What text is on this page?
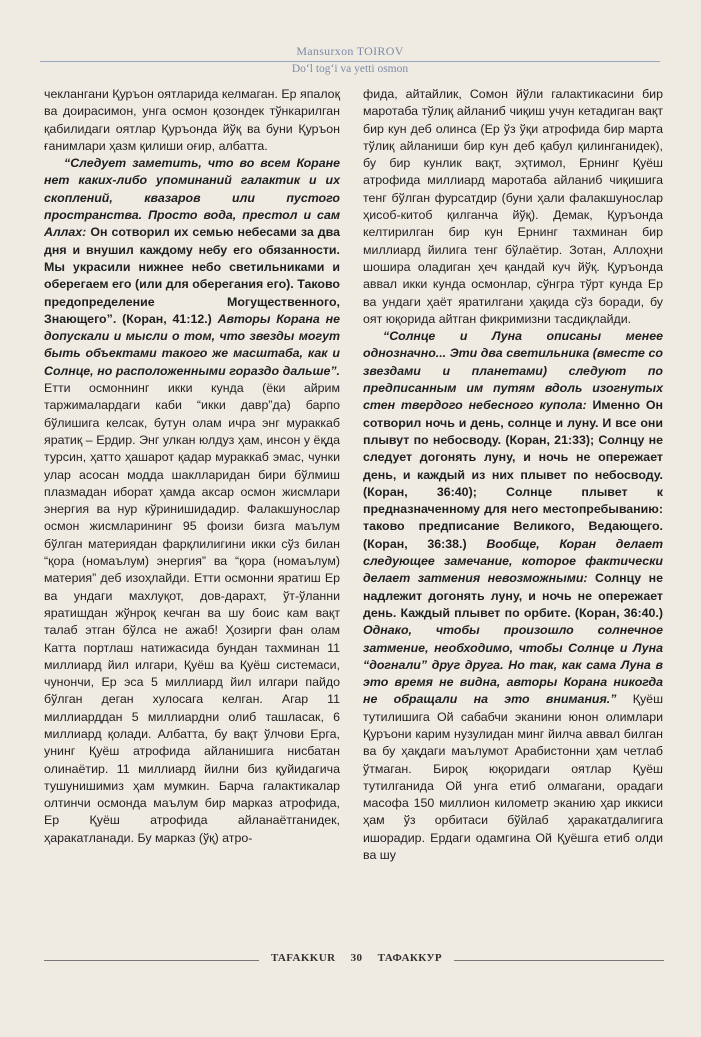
Mansurxon TOIROV
Do‘l tog‘i va yetti osmon

чеклангани Қуръон оятларида келмаган. Ер япалоқ ва доирасимон, унга осмон қозондек тўнкарилган қабилидаги оятлар Қуръонда йўқ ва буни Қуръон ғанимлари ҳазм қилиши оғир, албатта.

“Следует заметить, что во всем Коране нет каких-либо упоминаний галактик и их скоплений, квазаров или пустого пространства. Просто вода, престол и сам Аллах: Он сотворил их семью небесами за два дня и внушил каждому небу его обязанности. Мы украсили нижнее небо светильниками и оберегаем его (или для оберегания его). Таково предопределение Могущественного, Знающего”. (Коран, 41:12.) Авторы Корана не допускали и мысли о том, что звезды могут быть объектами такого же масштаба, как и Солнце, но расположенными гораздо дальше”. Етти осмоннинг икки кунда (ёки айрим таржималардаги каби “икки давр”да) барпо бўлишига келсак, бутун олам ичра энг мураккаб яратиқ – Ердир. Энг улкан юлдуз ҳам, инсон у ёқда турсин, ҳатто ҳашарот қадар мураккаб эмас, чунки улар асосан модда шаклларидан бири бўлмиш плазмадан иборат ҳамда аксар осмон жисмлари энергия ва нур кўринишидадир. Фалакшунослар осмон жисмларининг 95 фоизи бизга маълум бўлган материядан фарқлилигини икки сўз билан “қора (номаълум) энергия” ва “қора (номаълум) материя” деб изоҳлайди. Етти осмонни яратиш Ер ва ундаги махлуқот, дов-дарахт, ўт-ўланни яратишдан жўнроқ кечган ва шу боис кам вақт талаб этган бўлса не ажаб! Ҳозирги фан олам Катта портлаш натижасида бундан тахминан 11 миллиард йил илгари, Қуёш ва Қуёш системаси, чунончи, Ер эса 5 миллиард йил илгари пайдо бўлган деган хулосага келган. Агар 11 миллиарддан 5 миллиардни олиб ташласак, 6 миллиард қолади. Албатта, бу вақт ўлчови Ерга, унинг Қуёш атрофида айланишига нисбатан олинаётир. 11 миллиард йилни биз қуйидагича тушунишимиз ҳам мумкин. Барча галактикалар олтинчи осмонда маълум бир марказ атрофида, Ер Қуёш атрофида айланаётганидек, ҳаракатланади. Бу марказ (ўқ) атро-

фида, айтайлик, Сомон йўли галактикасини бир маротаба тўлиқ айланиб чиқиш учун кетадиган вақт бир кун деб олинса (Ер ўз ўқи атрофида бир марта тўлиқ айланиши бир кун деб қабул қилинганидек), бу бир кунлик вақт, эҳтимол, Ернинг Қуёш атрофида миллиард маротаба айланиб чиқишига тенг бўлган фурсатдир (буни ҳали фалакшунослар ҳисоб-китоб қилганча йўқ). Демак, Қуръонда келтирилган бир кун Ернинг тахминан бир миллиард йилига тенг бўлаётир. Зотан, Аллоҳни шошира оладиган ҳеч қандай куч йўқ. Қуръонда аввал икки кунда осмонлар, сўнгра тўрт кунда Ер ва ундаги ҳаёт яратилгани ҳақида сўз боради, бу оят юқорида айтган фикримизни тасдиқлайди.

“Солнце и Луна описаны менее однозначно... Эти два светильника (вместе со звездами и планетами) следуют по предписанным им путям вдоль изогнутых стен твердого небесного купола: Именно Он сотворил ночь и день, солнце и луну. И все они плывут по небосводу. (Коран, 21:33); Солнцу не следует догонять луну, и ночь не опережает день, и каждый из них плывет по небосводу. (Коран, 36:40); Солнце плывет к предназначенному для него местопребыванию: таково предписание Великого, Ведающего. (Коран, 36:38.) Вообще, Коран делает следующее замечание, которое фактически делает затмения невозможными: Солнцу не надлежит догонять луну, и ночь не опережает день. Каждый плывет по орбите. (Коран, 36:40.) Однако, чтобы произошло солнечное затмение, необходимо, чтобы Солнце и Луна “догнали” друг друга. Но так, как сама Луна в это время не видна, авторы Корана никогда не обращали на это внимания.” Қуёш тутилишига Ой сабабчи эканини юнон олимлари Қуръони карим нузулидан минг йилча аввал билган ва бу ҳақдаги маълумот Арабистонни ҳам четлаб ўтмаган. Бироқ юқоридаги оятлар Қуёш тутилганида Ой унга етиб олмагани, орадаги масофа 150 миллион километр эканию ҳар иккиси ҳам ўз орбитаси бўйлаб ҳаракатдалигига ишорадир. Ердаги одамгина Ой Қуёшга етиб олди ва шу

TAFAKKUR 30 ТАФАККУР
